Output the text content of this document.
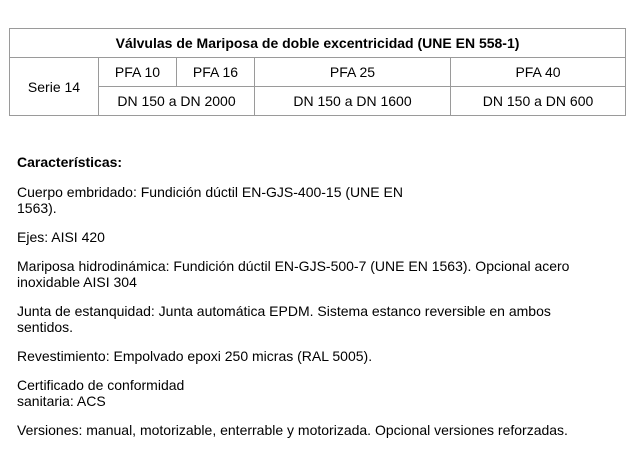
Válvulas de Mariposa de doble excentricidad (UNE EN 558-1)				
Serie 14	PFA 10	PFA 16	PFA 25	PFA 40
	DN 150 a DN 2000		DN 150 a DN 1600	DN 150 a DN 600

Características:

Cuerpo embridado: Fundición dúctil EN-GJS-400-15 (UNE EN
1563).

Ejes: AISI 420

Mariposa hidrodinámica: Fundición dúctil EN-GJS-500-7 (UNE EN 1563). Opcional acero
inoxidable AISI 304

Junta de estanquidad: Junta automática EPDM. Sistema estanco reversible en ambos
sentidos.

Revestimiento: Empolvado epoxi 250 micras (RAL 5005).

Certificado de conformidad
sanitaria: ACS

Versiones: manual, motorizable, enterrable y motorizada. Opcional versiones reforzadas.
